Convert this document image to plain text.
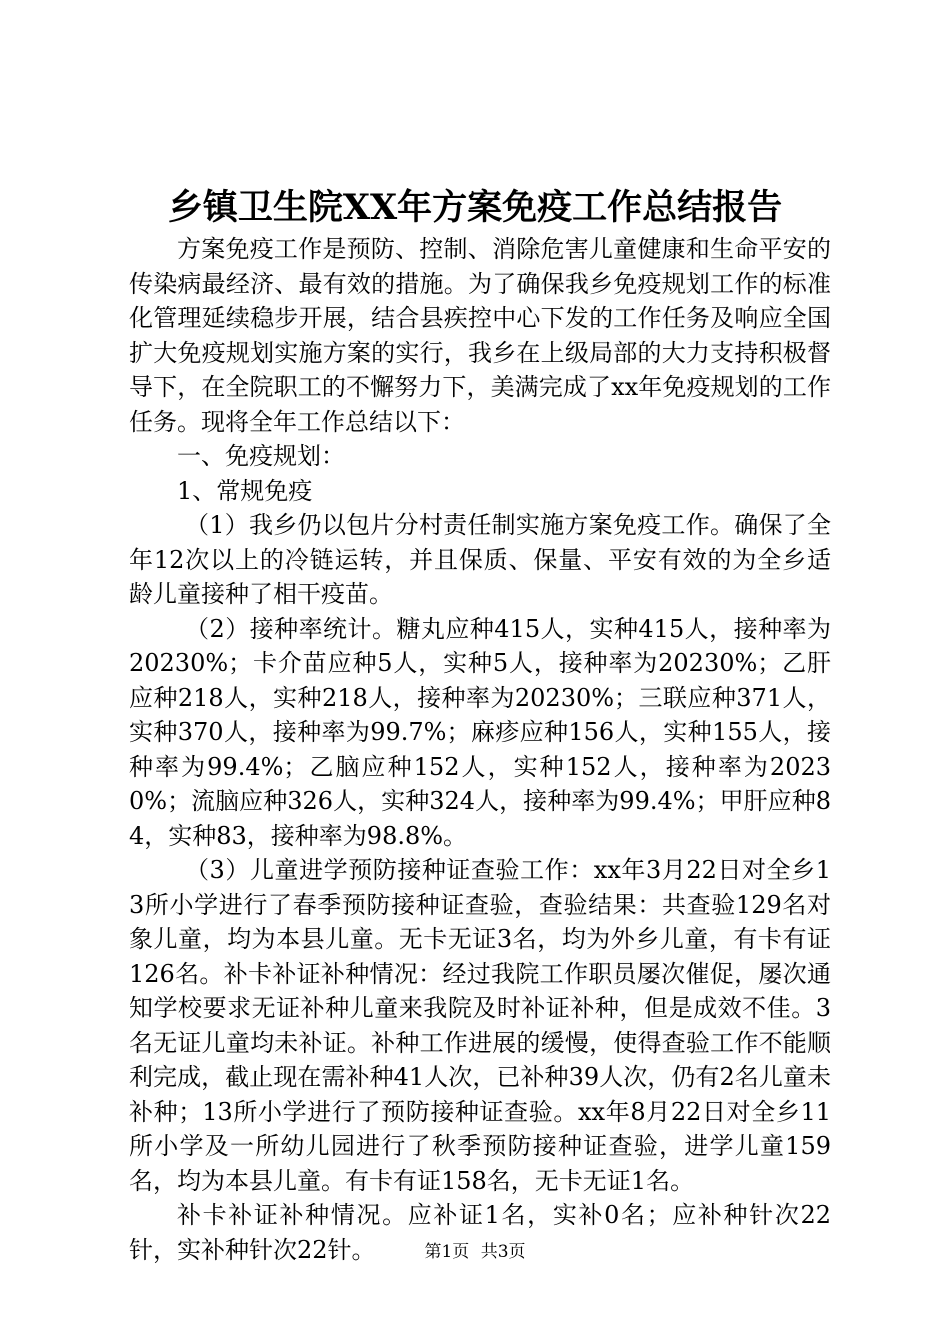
乡镇卫生院XX年方案免疫工作总结报告

方案免疫工作是预防、控制、消除危害儿童健康和生命平安的传染病最经济、最有效的措施。为了确保我乡免疫规划工作的标准化管理延续稳步开展，结合县疾控中心下发的工作任务及响应全国扩大免疫规划实施方案的实行，我乡在上级局部的大力支持积极督导下，在全院职工的不懈努力下，美满完成了xx年免疫规划的工作任务。现将全年工作总结以下：

一、免疫规划：

1、常规免疫

（1）我乡仍以包片分村责任制实施方案免疫工作。确保了全年12次以上的冷链运转，并且保质、保量、平安有效的为全乡适龄儿童接种了相干疫苗。

（2）接种率统计。糖丸应种415人，实种415人，接种率为20230%；卡介苗应种5人，实种5人，接种率为20230%；乙肝应种218人，实种218人，接种率为20230%；三联应种371人，实种370人，接种率为99.7%；麻疹应种156人，实种155人，接种率为99.4%；乙脑应种152人，实种152人，接种率为20230%；流脑应种326人，实种324人，接种率为99.4%；甲肝应种84，实种83，接种率为98.8%。

（3）儿童进学预防接种证查验工作：xx年3月22日对全乡13所小学进行了春季预防接种证查验，查验结果：共查验129名对象儿童，均为本县儿童。无卡无证3名，均为外乡儿童，有卡有证126名。补卡补证补种情况：经过我院工作职员屡次催促，屡次通知学校要求无证补种儿童来我院及时补证补种，但是成效不佳。3名无证儿童均未补证。补种工作进展的缓慢，使得查验工作不能顺利完成，截止现在需补种41人次，已补种39人次，仍有2名儿童未补种；13所小学进行了预防接种证查验。xx年8月22日对全乡11所小学及一所幼儿园进行了秋季预防接种证查验，进学儿童159名，均为本县儿童。有卡有证158名，无卡无证1名。

补卡补证补种情况。应补证1名，实补0名；应补种针次22针，实补种针次22针。	第1页 共3页
